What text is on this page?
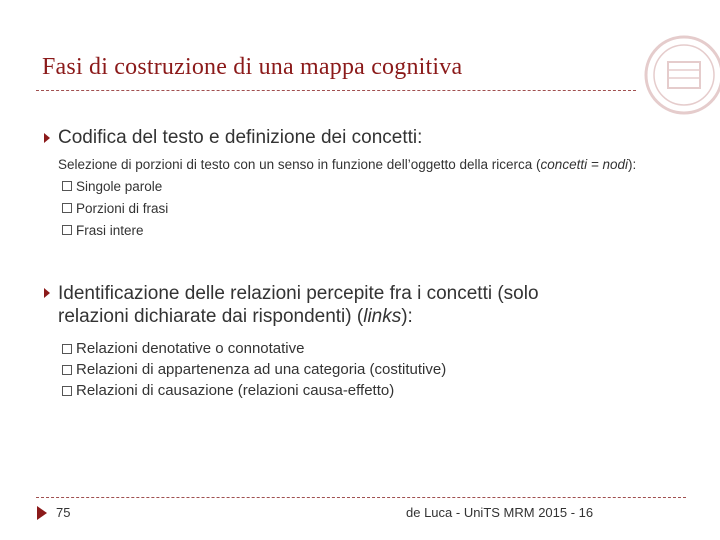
Fasi di costruzione di una mappa cognitiva
Codifica del testo e definizione dei concetti:
Selezione di porzioni di testo con un senso in funzione dell’oggetto della ricerca (concetti = nodi):
Singole parole
Porzioni di frasi
Frasi intere
Identificazione delle relazioni percepite fra i concetti (solo
relazioni dichiarate dai rispondenti) (links):
Relazioni denotative o connotative
Relazioni di appartenenza ad una categoria (costitutive)
Relazioni di causazione (relazioni causa-effetto)
75	de Luca - UniTS MRM 2015 - 16
